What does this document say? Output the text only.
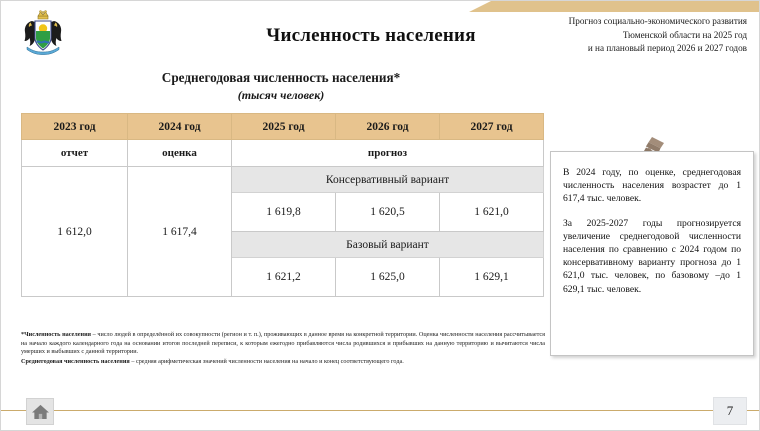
Численность населения
Прогноз социально-экономического развития
Тюменской области на 2025 год
и на плановый период 2026 и 2027 годов
Среднегодовая численность населения*
(тысяч человек)
2023 год	2024 год	2025 год	2026 год	2027 год
отчет	оценка	прогноз		
1 612,0	1 617,4	Консервативный вариант		
		1 619,8	1 620,5	1 621,0
		Базовый вариант		
		1 621,2	1 625,0	1 629,1

В 2024 году, по оценке, среднегодовая численность населения возрастет до 1 617,4 тыс. человек.

За 2025-2027 годы прогнозируется увеличение среднегодовой численности населения по сравнению с 2024 годом по консервативному варианту прогноза до 1 621,0 тыс. человек, по базовому –до 1 629,1 тыс. человек.

*Численность населения – число людей в определённой их совокупности (регион и т. п.), проживающих в данное время на конкретной территории. Оценка численности населения рассчитывается на начало каждого календарного года на основании итогов последней переписи, к которым ежегодно прибавляются числа родившихся и прибывших на данную территорию и вычитаются числа умерших и выбывших с данной территории.
Среднегодовая численность населения – средняя арифметическая значений численности населения на начало и конец соответствующего года.
7
